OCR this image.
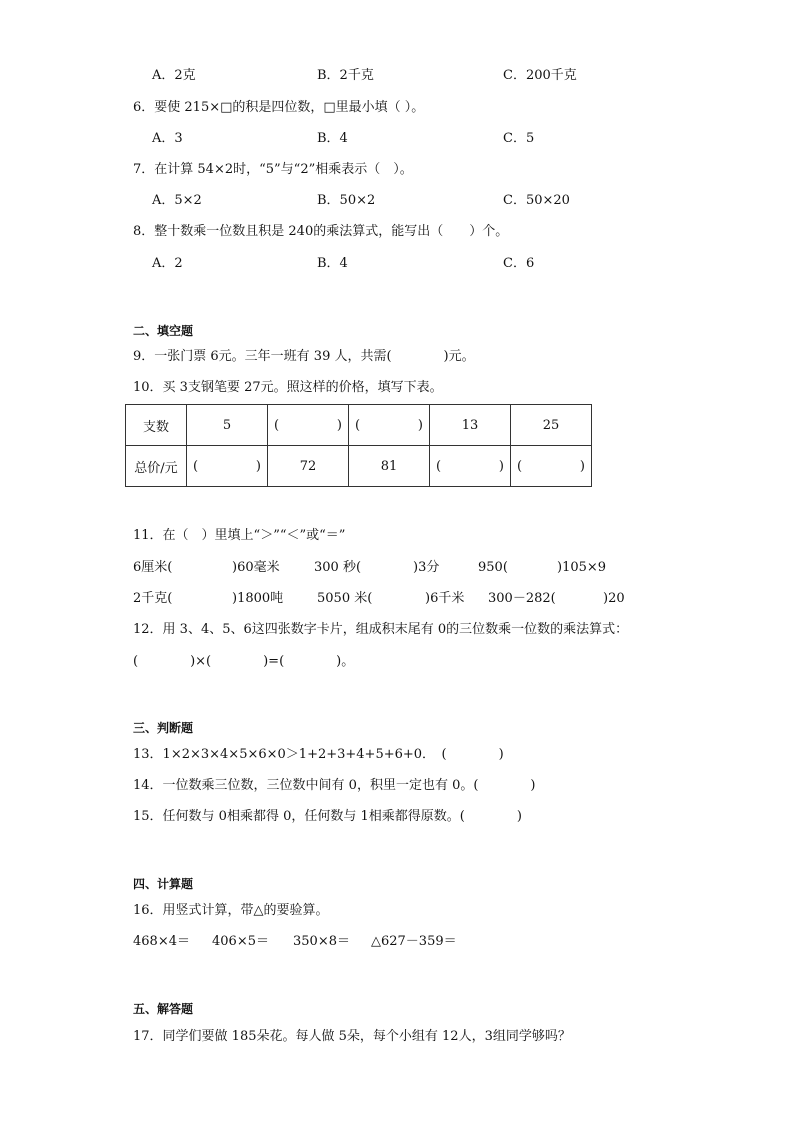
A．2克	B．2千克	C．200千克
6．要使 215×□的积是四位数，□里最小填（ ）。
A．3	B．4	C．5
7．在计算 54×2时，“5”与“2”相乘表示（　）。
A．5×2	B．50×2	C．50×20
8．整十数乘一位数且积是 240的乘法算式，能写出（　　）个。
A．2	B．4	C．6
二、填空题
9．一张门票 6元。三年一班有 39 人，共需(　　　　)元。
10．买 3支钢笔要 27元。照这样的价格，填写下表。
支数	5	( )	( )	13	25
总价/元	( )	72	81	( )	( )
11．在（　）里填上“＞”“＜”或“＝”
6厘米(	)60毫米	300 秒(	)3分	950(	)105×9
2千克(	)1800吨	5050 米(	)6千米 300－282(	)20
12．用 3、4、5、6这四张数字卡片，组成积末尾有 0的三位数乘一位数的乘法算式：
(　　　　)×(　　　　)=(　　　　)。
三、判断题
13．1×2×3×4×5×6×0＞1+2+3+4+5+6+0．　(　　　　)
14．一位数乘三位数，三位数中间有 0，积里一定也有 0。(　　　　)
15．任何数与 0相乘都得 0，任何数与 1相乘都得原数。(　　　　)
四、计算题
16．用竖式计算，带△的要验算。
468×4＝ 406×5＝ 350×8＝ △627－359＝
五、解答题
17．同学们要做 185朵花。每人做 5朵，每个小组有 12人，3组同学够吗？
